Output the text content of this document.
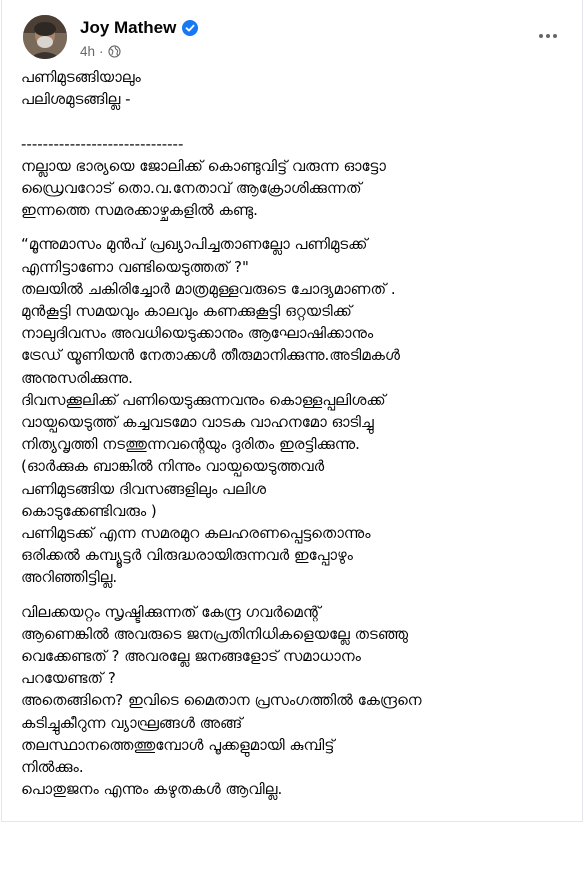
Joy Mathew
4h ·

പണിമുടങ്ങിയാലും
പലിശമുടങ്ങില്ല -

------------------------------
നല്ലായ ഭാര്യയെ ജോലിക്ക് കൊണ്ടുവിട്ട് വരുന്ന ഓട്ടോ
ഡ്രൈവറോട് തൊ.വ.നേതാവ് ആക്രോശിക്കുന്നത്
ഇന്നത്തെ സമരക്കാഴ്ചകളിൽ കണ്ടു.

“മൂന്നുമാസം മുൻപ് പ്രഖ്യാപിച്ചതാണല്ലോ പണിമുടക്ക്
എന്നിട്ടാണോ വണ്ടിയെടുത്തത് ?"
തലയിൽ ചകിരിച്ചോർ മാത്രമുള്ളവരുടെ ചോദ്യമാണത് .
മുൻകൂട്ടി സമയവും കാലവും കണക്കുകൂട്ടി ഒറ്റയടിക്ക്
നാലുദിവസം അവധിയെടുക്കാനും ആഘോഷിക്കാനും
ട്രേഡ് യൂണിയൻ നേതാക്കൾ തീരുമാനിക്കുന്നു.അടിമകൾ
അനുസരിക്കുന്നു.
ദിവസക്കൂലിക്ക് പണിയെടുക്കുന്നവനും കൊള്ളപ്പലിശക്ക്
വായ്പയെടുത്ത് കച്ചവടമോ വാടക വാഹനമോ ഓടിച്ചു
നിത്യവൃത്തി നടത്തുന്നവന്റെയും ദുരിതം ഇരട്ടിക്കുന്നു.
(ഓർക്കുക ബാങ്കിൽ നിന്നും വായ്പയെടുത്തവർ
പണിമുടങ്ങിയ ദിവസങ്ങളിലും പലിശ
കൊടുക്കേണ്ടിവരും )
പണിമുടക്ക് എന്ന സമരമുറ കലഹരണപ്പെട്ടതൊന്നും
ഒരിക്കൽ കമ്പ്യൂട്ടർ വിരുദ്ധരായിരുന്നവർ ഇപ്പോഴും
അറിഞ്ഞിട്ടില്ല.

വിലക്കയറ്റം സൃഷ്ടിക്കുന്നത് കേന്ദ്ര ഗവർമെന്റ്
ആണെങ്കിൽ അവരുടെ ജനപ്രതിനിധികളെയല്ലേ തടഞ്ഞു
വെക്കേണ്ടത് ? അവരല്ലേ ജനങ്ങളോട് സമാധാനം
പറയേണ്ടത് ?
അതെങ്ങിനെ? ഇവിടെ മൈതാന പ്രസംഗത്തിൽ കേന്ദ്രനെ
കടിച്ചുകീറുന്ന വ്യാഘ്രങ്ങൾ അങ്ങ്
തലസ്ഥാനത്തെത്തുമ്പോൾ പൂക്കളുമായി കുമ്പിട്ട്
നിൽക്കും.
പൊതുജനം എന്നും കഴുതകൾ ആവില്ല.
